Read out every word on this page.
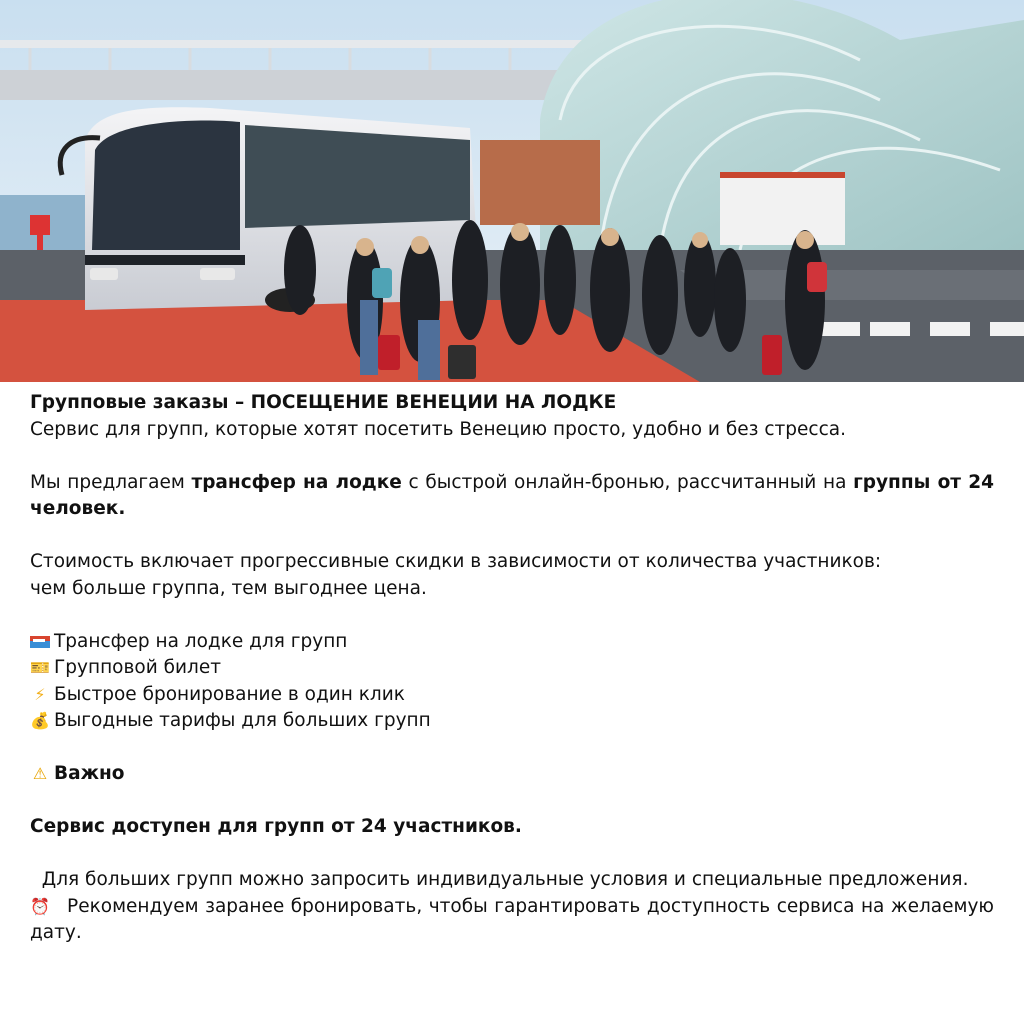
Групповые заказы – ПОСЕЩЕНИЕ ВЕНЕЦИИ НА ЛОДКЕ

Сервис для групп, которые хотят посетить Венецию просто, удобно и без стресса.

Мы предлагаем трансфер на лодке с быстрой онлайн-бронью, рассчитанный на группы от 24 человек.

Стоимость включает прогрессивные скидки в зависимости от количества участников:

чем больше группа, тем выгоднее цена.

Трансфер на лодке для групп

🎫 Групповой билет

⚡ Быстрое бронирование в один клик

💰 Выгодные тарифы для больших групп

⚠ Важно

Сервис доступен для групп от 24 участников.

Для больших групп можно запросить индивидуальные условия и специальные предложения.

⏰  Рекомендуем заранее бронировать, чтобы гарантировать доступность сервиса на желаемую дату.
